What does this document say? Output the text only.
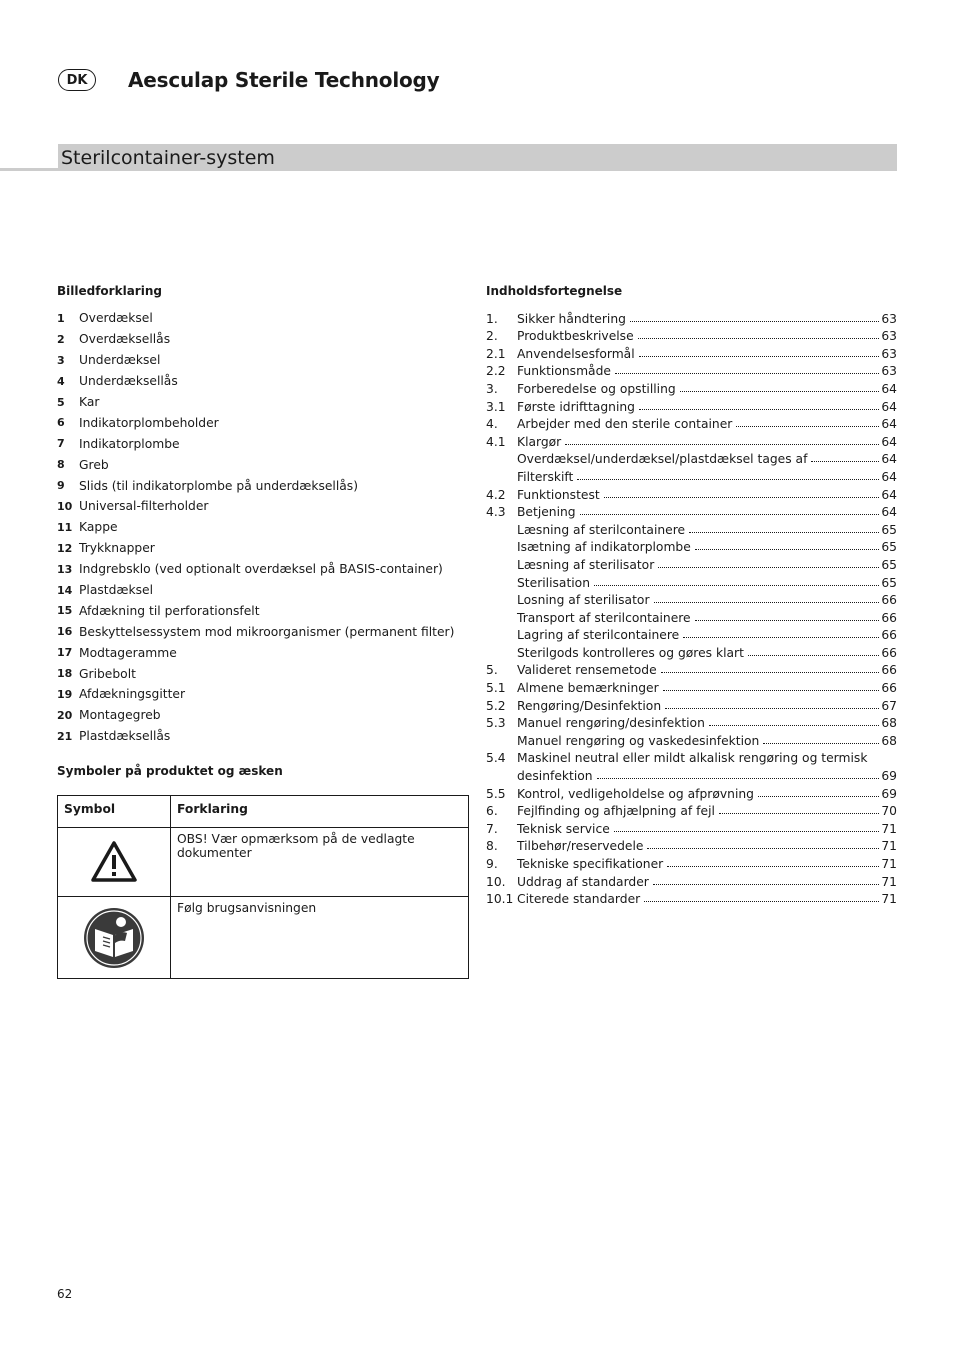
DK	Aesculap Sterile Technology
Sterilcontainer-system

Billedforklaring

1	Overdæksel
2	Overdæksellås
3	Underdæksel
4	Underdæksellås
5	Kar
6	Indikatorplombeholder
7	Indikatorplombe
8	Greb
9	Slids (til indikatorplombe på underdæksellås)
10 Universal-filterholder
11 Kappe
12 Trykknapper
13 Indgrebsklo (ved optionalt overdæksel på BASIS-container)
14 Plastdæksel
15 Afdækning til perforationsfelt
16 Beskyttelsessystem mod mikroorganismer (permanent filter)
17 Modtageramme
18 Gribebolt
19 Afdækningsgitter
20 Montagegreb
21 Plastdæksellås

Symboler på produktet og æsken

Symbol	Forklaring

	OBS! Vær opmærksom på de vedlagte dokumenter

	Følg brugsanvisningen

Indholdsfortegnelse

1.	Sikker håndtering	63
2.	Produktbeskrivelse	63
2.1 Anvendelsesformål	63
2.2 Funktionsmåde	63
3.	Forberedelse og opstilling	64
3.1 Første idrifttagning	64
4.	Arbejder med den sterile container	64
4.1 Klargør	64
Overdæksel/underdæksel/plastdæksel tages af	64
Filterskift	64
4.2 Funktionstest	64
4.3 Betjening	64
Læsning af sterilcontainere	65
Isætning af indikatorplombe	65
Læsning af sterilisator	65
Sterilisation	65
Losning af sterilisator	66
Transport af sterilcontainere	66
Lagring af sterilcontainere	66
Sterilgods kontrolleres og gøres klart	66
5.	Valideret rensemetode	66
5.1 Almene bemærkninger	66
5.2 Rengøring/Desinfektion	67
5.3 Manuel rengøring/desinfektion	68
Manuel rengøring og vaskedesinfektion	68
5.4 Maskinel neutral eller mildt alkalisk rengøring og termisk
desinfektion	69
5.5 Kontrol, vedligeholdelse og afprøvning	69
6.	Fejlfinding og afhjælpning af fejl	70
7.	Teknisk service	71
8.	Tilbehør/reservedele	71
9.	Tekniske specifikationer	71
10. Uddrag af standarder	71
10.1 Citerede standarder	71
62
